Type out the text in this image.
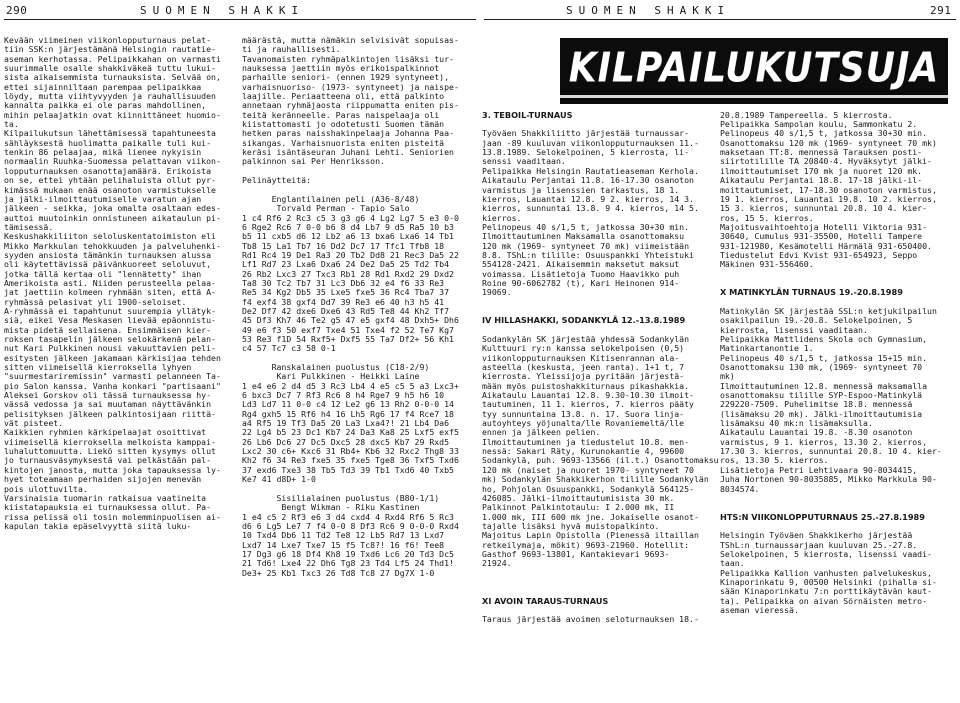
290	SUOMEN SHAKKI	SUOMEN SHAKKI	291
KILPAILUKUTSUJA

Kevään viimeinen viikonlopputurnaus pelat-

tiin SSK:n järjestämänä Helsingin rautatie-

aseman kerhotassa. Pelipaikkahan on varmasti

suurimmalle osalle shakkiväkeä tuttu lukui-

sista aikaisemmista turnauksista. Selvää on,

ettei sijainniltaan parempaa pelipaikkaa

löydy, mutta viihtyvyyden ja rauhallisuuden

kannalta paikka ei ole paras mahdollinen,

mihin pelaajatkin ovat kiinnittäneet huomio-

ta.

Kilpailukutsun lähettämisessä tapahtuneesta

sähläyksestä huolimatta paikalle tuli kui-

tenkin 86 pelaajaa, mikä lienee nykyisin

normaalin Ruuhka-Suomessa pelattavan viikon-

lopputurnauksen osanottajamäärä. Erikoista

on se, ettei yhtään pelihaluista ollut pyr-

kimässä mukaan enää osanoton varmistukselle

ja jälki-ilmoittautumiselle varatun ajan

jälkeen - seikka, joka omalta osaltaan edes-

auttoi muutoinkin onnistuneen aikataulun pi-

tämisessä.

Keskushakkiliiton seloluskentatoimiston eli

Mikko Markkulan tehokkuuden ja palveluhenki-

syyden ansiosta tämänkin turnauksen alussa

oli käytettävissä päivänkuoreet seloluvut,

jotka tällä kertaa oli "lennätetty" ihan

Amerikoista asti. Niiden perusteella pelaa-

jat jaettiin kolmeen ryhmään siten, että A-

ryhmässä pelasivat yli 1900-seloiset.

A-ryhmässä ei tapahtunut suurempia yllätyk-

siä, eikei Vesa Meskasen lievää epäonnistu-

mista pidetä sellaisena. Ensimmäisen kier-

roksen tasapelin jälkeen selokärkenä pelan-

nut Kari Pulkkinen nousi vakuuttavien peli-

esitysten jälkeen jakamaan kärkisijaa tehden

sitten viimeisellä kierroksella lyhyen

"suurmestariremissin" varmasti pelanneen Ta-

pio Salon kanssa. Vanha konkari "partisaani"

Aleksei Gorskov oli tässä turnauksessa hy-

vässä vedossa ja sai muutaman näyttävänkin

pelisityksen jälkeen palkintosijaan riittä-

vät pisteet.

Kaikkien ryhmien kärkipelaajat osoittivat

viimeisellä kierroksella melkoista kamppai-

luhaluttomuutta. Liekö sitten kysymys ollut

jo turnausväsymyksestä vai pelkästään pal-

kintojen janosta, mutta joka tapauksessa ly-

hyet toteamaan perhaiden sijojen menevän

pois ulottuvilta.

Varsinaisia tuomarin ratkaisua vaatineita

kiistatapauksia ei turnauksessa ollut. Pa-

rissa pelissä oli tosin molemminpuolisen ai-

kapulan takia epäselvyyttä siitä luku-

määrästä, mutta nämäkin selvisivät sopuisas-

ti ja rauhallisesti.

Tavanomaisten ryhmäpalkintojen lisäksi tur-

nauksessa jaettiin myös erikoispalkinnot

parhaille seniori- (ennen 1929 syntyneet),

varhaisnuoriso- (1973- syntyneet) ja naispe-

laajille. Periaatteena oli, että palkinto

annetaan ryhmäjaosta riippumatta eniten pis-

teitä keränneelle. Paras naispelaaja oli

kiistattomasti jo odotetusti Suomen tämän

hetken paras naisshakinpelaaja Johanna Paa-

sikangas. Varhaisnuorista eniten pisteitä

keräsi isäntäseuran Juhani Lehti. Seniorien

palkinnon sai Per Henriksson.

Pelinäytteitä:

Englantilainen peli (A36-8/48)

Torvald Perman - Tapio Salo

1 c4 Rf6 2 Rc3 c5 3 g3 g6 4 Lg2 Lg7 5 e3 0-0

6 Rge2 Rc6 7 0-0 b6 8 d4 Lb7 9 d5 Ra5 10 b3

b5 11 cxb5 d6 12 Lb2 a6 13 bxa6 Lxa6 14 Tb1

Tb8 15 La1 Tb7 16 Dd2 Dc7 17 Tfc1 Tfb8 18

Rd1 Rc4 19 De1 Ra3 20 Tb2 Dd8 21 Rec3 Da5 22

Lf1 Rd7 23 Lxa6 Dxa6 24 De2 Da5 25 Td2 Tb4

26 Rb2 Lxc3 27 Txc3 Rb1 28 Rd1 Rxd2 29 Dxd2

Ta8 30 Tc2 Tb7 31 Lc3 Db6 32 e4 f6 33 Re3

Re5 34 Kg2 Db5 35 Lxe5 fxe5 36 Rc4 Tba7 37

f4 exf4 38 gxf4 Dd7 39 Re3 e6 40 h3 h5 41

De2 Df7 42 dxe6 Dxe6 43 Rd5 Te8 44 Kh2 Tf7

45 Df3 Kh7 46 Te2 g5 47 e5 gxf4 48 Dxh5+ Dh6

49 e6 f3 50 exf7 Txe4 51 Txe4 f2 52 Te7 Kg7

53 Re3 f1D 54 Rxf5+ Dxf5 55 Ta7 Df2+ 56 Kh1

c4 57 Tc7 c3 58 0-1

Ranskalainen puolustus (C18-2/9)

Kari Pulkkinen - Heikki Laine

1 e4 e6 2 d4 d5 3 Rc3 Lb4 4 e5 c5 5 a3 Lxc3+

6 bxc3 Dc7 7 Rf3 Rc6 8 h4 Rge7 9 h5 h6 10

Ld3 Ld7 11 0-0 c4 12 Le2 g6 13 Rh2 0-0-0 14

Rg4 gxh5 15 Rf6 h4 16 Lh5 Rg6 17 f4 Rce7 18

a4 Rf5 19 Tf3 Da5 20 La3 Lxa4?! 21 Lb4 Da6

22 Lg4 b5 23 Dc1 Kb7 24 Da3 Ka8 25 Lxf5 exf5

26 Lb6 Dc6 27 Dc5 Dxc5 28 dxc5 Kb7 29 Rxd5

Lxc2 30 c6+ Kxc6 31 Rb4+ Kb6 32 Rxc2 Thg8 33

Kh2 f6 34 Re3 fxe5 35 fxe5 Tge8 36 Txf5 Txd6

37 exd6 Txe3 38 Tb5 Td3 39 Tb1 Txd6 40 Txb5

Ke7 41 d8D+ 1-0

Sisilialainen puolustus (B80-1/1)

Bengt Wikman - Riku Kastinen

1 e4 c5 2 Rf3 e6 3 d4 cxd4 4 Rxd4 Rf6 5 Rc3

d6 6 Lg5 Le7 7 f4 0-0 8 Df3 Rc6 9 0-0-0 Rxd4

10 Txd4 Db6 11 Td2 Te8 12 Lb5 Rd7 13 Lxd7

Lxd7 14 Lxe7 Txe7 15 f5 Tc8?! 16 f6! Tee8

17 Dg3 g6 18 Df4 Kh8 19 Txd6 Lc6 20 Td3 Dc5

21 Td6! Lxe4 22 Dh6 Tg8 23 Td4 Lf5 24 Thd1!

De3+ 25 Kb1 Txc3 26 Td8 Tc8 27 Dg7X 1-0

3. TEBOIL-TURNAUS

Työväen Shakkiliitto järjestää turnaussar-

jaan -89 kuuluvan viikonlopputurnauksen 11.-

13.8.1989. Selokelpoinen, 5 kierrosta, li-

senssi vaaditaan.

Pelipaikka Helsingin Rautatieaseman Kerholа.

Aikataulu Perjantai 11.8. 16-17.30 osanoton

varmistus ja lisenssien tarkastus, 18 1.

kierros, Lauantai 12.8. 9 2. kierros, 14 3.

kierros, sunnuntai 13.8. 9 4. kierros, 14 5.

kierros.

Pelinopeus 40 s/1,5 t, jatkossa 30+30 min.

Ilmoittautuminen Maksamalla osanottomaksu

120 mk (1969- syntyneet 70 mk) viimeistään

8.8. TShL:n tilille: Osuuspankki Yhteistuki

554128-2421. Aikaisemmin maksetut maksut

voimassa. Lisätietoja Tuomo Haavikko puh

Roine 90-6062782 (t), Kari Heinonen 914-

19069.

IV HILLASHAKKI, SODANKYLÄ 12.-13.8.1989

Sodankylän SK järjestää yhdessä Sodankylän

Kulttuuri ry:n kanssa selokelpoisen (0,5)

viikonlopputurnauksen Kitisenrannan ala-

asteella (keskusta, jeen ranta). 1+1 t, 7

kierrosta. Yleissijoja pyritään järjestä-

mään myös puistoshakkiturnaus pikashakkia.

Aikataulu Lauantai 12.8. 9.30-10.30 ilmoit-

tautuminen, 11 1. kierros, 7. kierros pääty

tyy sunnuntaina 13.8. n. 17. Suora linja-

autoyhteys yöjunalta/lle Rovaniemeltä/lle

ennen ja jälkeen pelien.

Ilmoittautuminen ja tiedustelut 10.8. men-

nessä: Sakari Räty, Kurunokantie 4, 99600

Sodankylä, puh. 9693-13566 (il.t.) Osanottomaksu

120 mk (naiset ja nuoret 1970- syntyneet 70

mk) Sodankylän Shakkikerhon tilille Sodankylän

ho, Pohjolan Osuuspankki, Sodankylä 564125-

426085. Jälki-ilmoittautumisista 30 mk.

Palkinnot Palkintotaulu: I 2.000 mk, II

1.000 mk, III 600 mk jne. Jokaiselle osanot-

tajalle lisäksi hyvä muistopalkinto.

Majoitus Lapin Opistolla (Pienessä iltaillan

retkeilymaja, mökit) 9693-21960. Hotellit:

Gasthof 9693-13801, Kantakievari 9693-

21924.

XI AVOIN TARAUS-TURNAUS

Taraus järjestää avoimen seloturnauksen 18.-

20.8.1989 Tampereella. 5 kierrosta.

Pelipaikka Sampolan koulu, Sammonkatu 2.

Pelinopeus 40 s/1,5 t, jatkossa 30+30 min.

Osanottomaksu 120 mk (1969- syntyneet 70 mk)

maksetaan TT:8. mennessä Tarauksen posti-

siirtotilille TA 20840-4. Hyväksytyt jälki-

ilmoittautumiset 170 mk ja nuoret 120 mk.

Aikataulu Perjantai 18.8. 17-18 jälki-il-

moittautumiset, 17-18.30 osanoton varmistus,

19 1. kierros, Lauantai 19.8. 10 2. kierros,

15 3. kierros, sunnuntai 20.8. 10 4. kier-

ros, 15 5. kierros.

Majoitusvaihtoehtoja Hotelli Viktoria 931-

30640, Cumulus 931-35500, Hotelli Tampere

931-121980, Kesämotelli Härmälä 931-650400.

Tiedustelut Edvi Kvist 931-654923, Seppo

Mäkinen 931-556460.

X MATINKYLÄN TURNAUS 19.-20.8.1989

Matinkylän SK järjestää SSL:n ketjukilpailun

osakilpailun 19.-20.8. Selokelpoinen, 5

kierrosta, lisenssi vaaditaan.

Pelipaikka Mattlidens Skola och Gymnasium,

Matinkartanontie 1.

Pelinopeus 40 s/1,5 t, jatkossa 15+15 min.

Osanottomaksu 130 mk, (1969- syntyneet 70

mk)

Ilmoittautuminen 12.8. mennessä maksamalla

osanottomaksu tilille SYP-Espoo-Matinkylä

229220-7509. Puhelimitse 18.8. mennessä

(lisämaksu 20 mk). Jälki-ilmoittautumisia

lisämaksu 40 mk:n lisämaksulla.

Aikataulu Lauantai 19.8. -8.30 osanoton

varmistus, 9 1. kierros, 13.30 2. kierros,

17.30 3. kierros, sunnuntai 20.8. 10 4. kier-

ros, 13.30 5. kierros.

Lisätietoja Petri Lehtivaara 90-8034415,

Juha Nortonen 90-8035885, Mikko Markkula 90-

8034574.

HTS:N VIIKONLOPPUTURNAUS 25.-27.8.1989

Helsingin Työväen Shakkikerho järjestää

TShL:n turnaussarjaan kuuluvan 25.-27.8.

Selokelpoinen, 5 kierrosta, lisenssi vaadi-

taan.

Pelipaikka Kallion vanhusten palvelukeskus,

Kinaporinkatu 9, 00500 Helsinki (pihalla si-

sään Kinaporinkatu 7:n porttikäytävän kaut-

ta). Pelipaikka on aivan Sörnäisten metro-

aseman vieressä.
